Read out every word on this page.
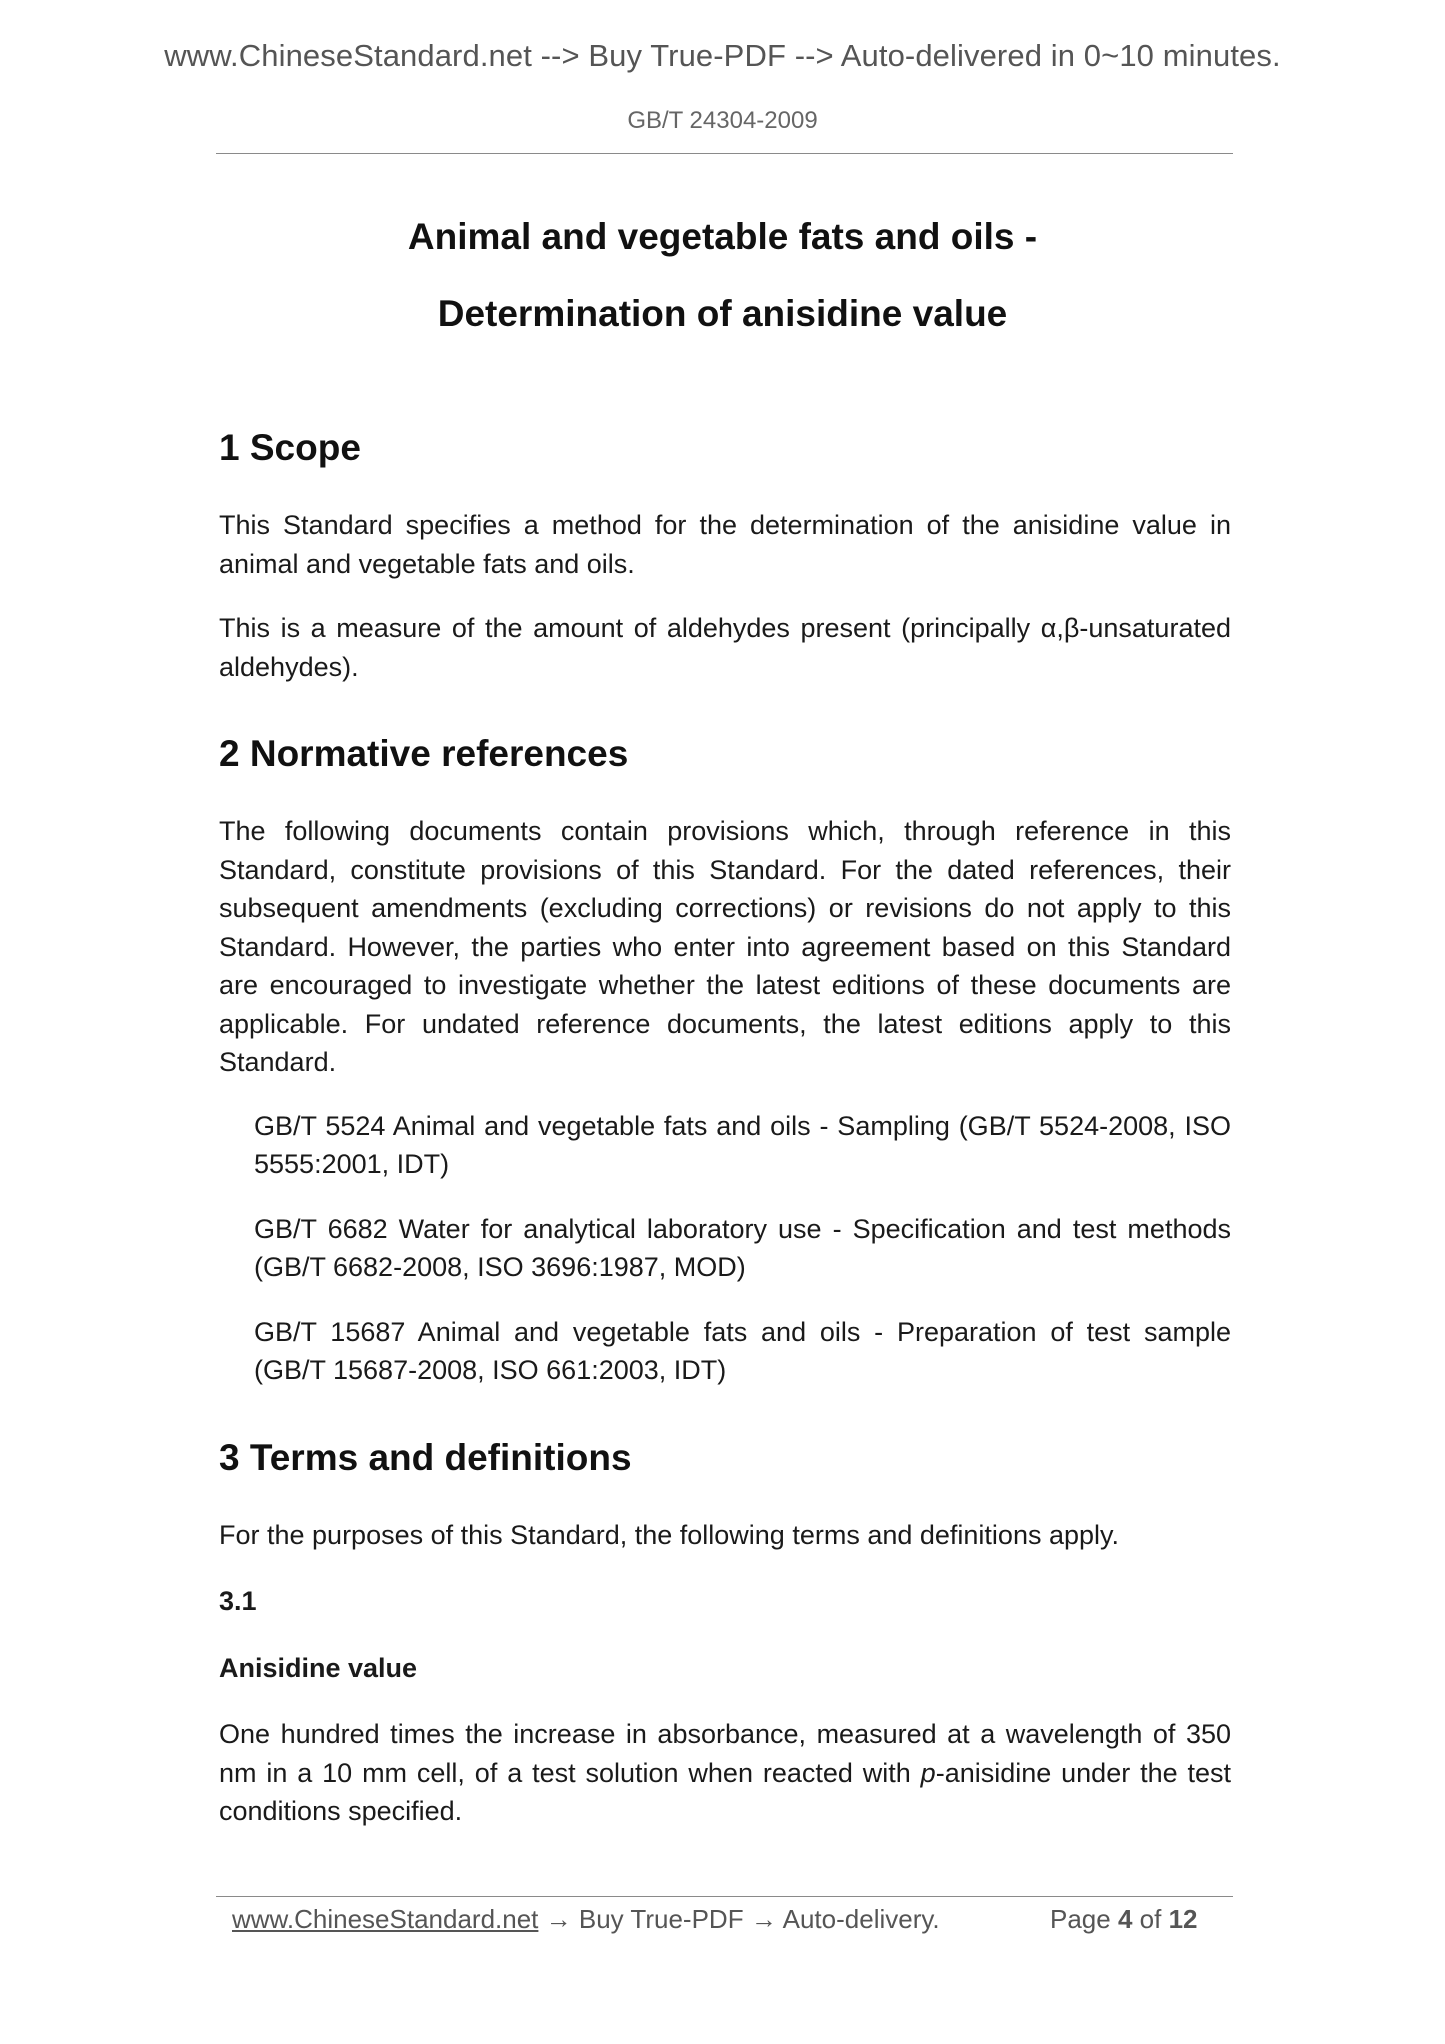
www.ChineseStandard.net --> Buy True-PDF --> Auto-delivered in 0~10 minutes.
GB/T 24304-2009
Animal and vegetable fats and oils -
Determination of anisidine value
1 Scope

This Standard specifies a method for the determination of the anisidine value in animal and vegetable fats and oils.

This is a measure of the amount of aldehydes present (principally α,β-unsaturated aldehydes).

2 Normative references

The following documents contain provisions which, through reference in this Standard, constitute provisions of this Standard. For the dated references, their subsequent amendments (excluding corrections) or revisions do not apply to this Standard. However, the parties who enter into agreement based on this Standard are encouraged to investigate whether the latest editions of these documents are applicable. For undated reference documents, the latest editions apply to this Standard.

GB/T 5524 Animal and vegetable fats and oils - Sampling (GB/T 5524-2008, ISO 5555:2001, IDT)

GB/T 6682 Water for analytical laboratory use - Specification and test methods (GB/T 6682-2008, ISO 3696:1987, MOD)

GB/T 15687 Animal and vegetable fats and oils - Preparation of test sample (GB/T 15687-2008, ISO 661:2003, IDT)

3 Terms and definitions

For the purposes of this Standard, the following terms and definitions apply.

3.1

Anisidine value

One hundred times the increase in absorbance, measured at a wavelength of 350 nm in a 10 mm cell, of a test solution when reacted with p-anisidine under the test conditions specified.

www.ChineseStandard.net → Buy True-PDF → Auto-delivery.	Page 4 of 12
